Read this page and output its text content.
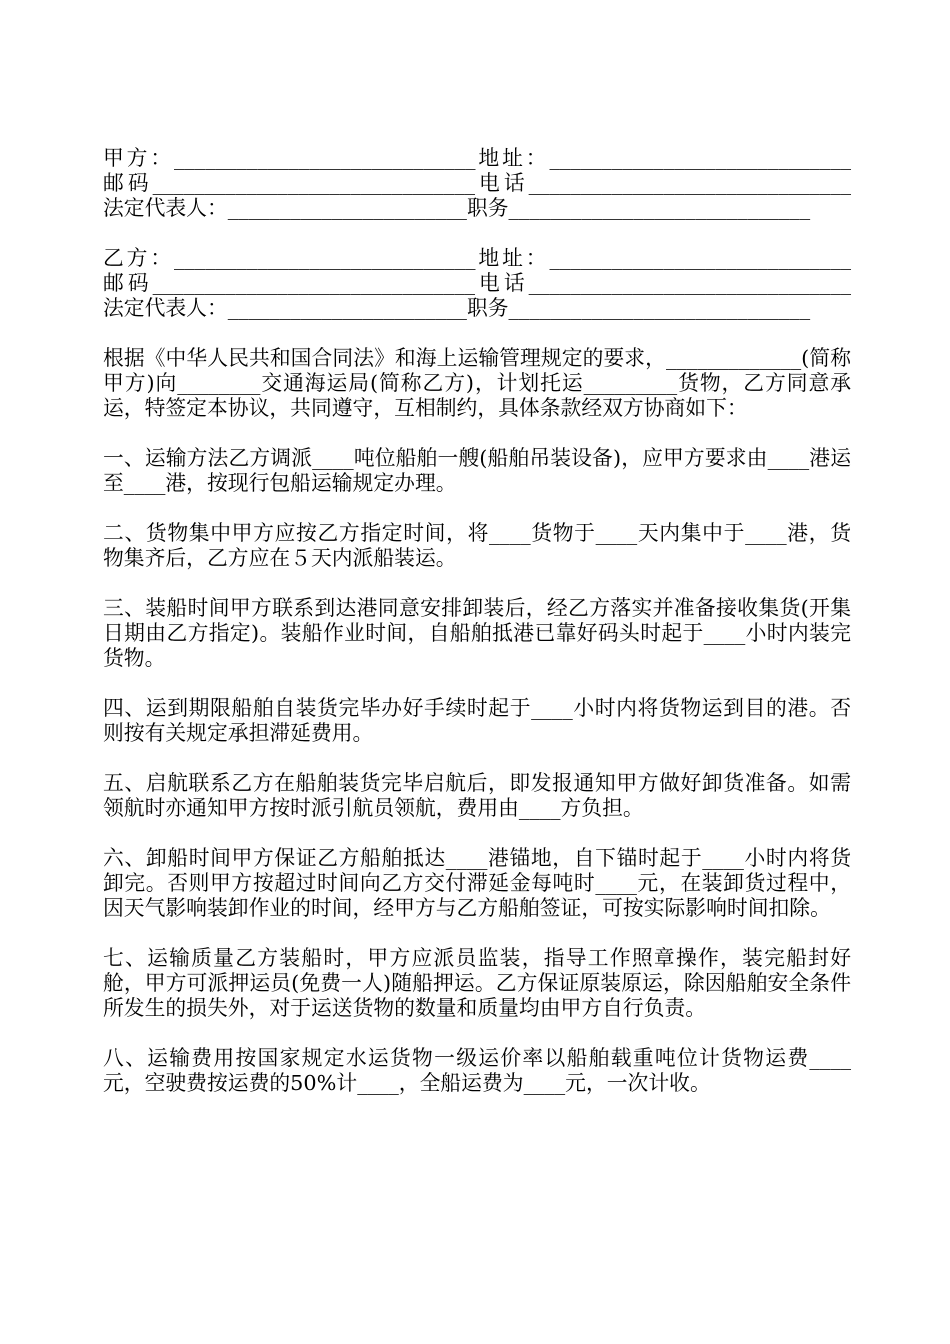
甲方：_____________________________地址：_____________________________邮码_______________________________电话_______________________________法定代表人：_______________________职务_____________________________

乙方：_____________________________地址：_____________________________邮码_______________________________电话_______________________________法定代表人：_______________________职务_____________________________

根据《中华人民共和国合同法》和海上运输管理规定的要求，_____________(简称甲方)向________交通海运局(简称乙方)，计划托运_________货物，乙方同意承运，特签定本协议，共同遵守，互相制约，具体条款经双方协商如下：

一、运输方法乙方调派____吨位船舶一艘(船舶吊装设备)，应甲方要求由____港运至____港，按现行包船运输规定办理。

二、货物集中甲方应按乙方指定时间，将____货物于____天内集中于____港，货物集齐后，乙方应在５天内派船装运。

三、装船时间甲方联系到达港同意安排卸装后，经乙方落实并准备接收集货(开集日期由乙方指定)。装船作业时间，自船舶抵港已靠好码头时起于____小时内装完货物。

四、运到期限船舶自装货完毕办好手续时起于____小时内将货物运到目的港。否则按有关规定承担滞延费用。

五、启航联系乙方在船舶装货完毕启航后，即发报通知甲方做好卸货准备。如需领航时亦通知甲方按时派引航员领航，费用由____方负担。

六、卸船时间甲方保证乙方船舶抵达____港锚地，自下锚时起于____小时内将货卸完。否则甲方按超过时间向乙方交付滞延金每吨时____元，在装卸货过程中，因天气影响装卸作业的时间，经甲方与乙方船舶签证，可按实际影响时间扣除。

七、运输质量乙方装船时，甲方应派员监装，指导工作照章操作，装完船封好舱，甲方可派押运员(免费一人)随船押运。乙方保证原装原运，除因船舶安全条件所发生的损失外，对于运送货物的数量和质量均由甲方自行负责。

八、运输费用按国家规定水运货物一级运价率以船舶载重吨位计货物运费____元，空驶费按运费的50%计____，全船运费为____元，一次计收。
